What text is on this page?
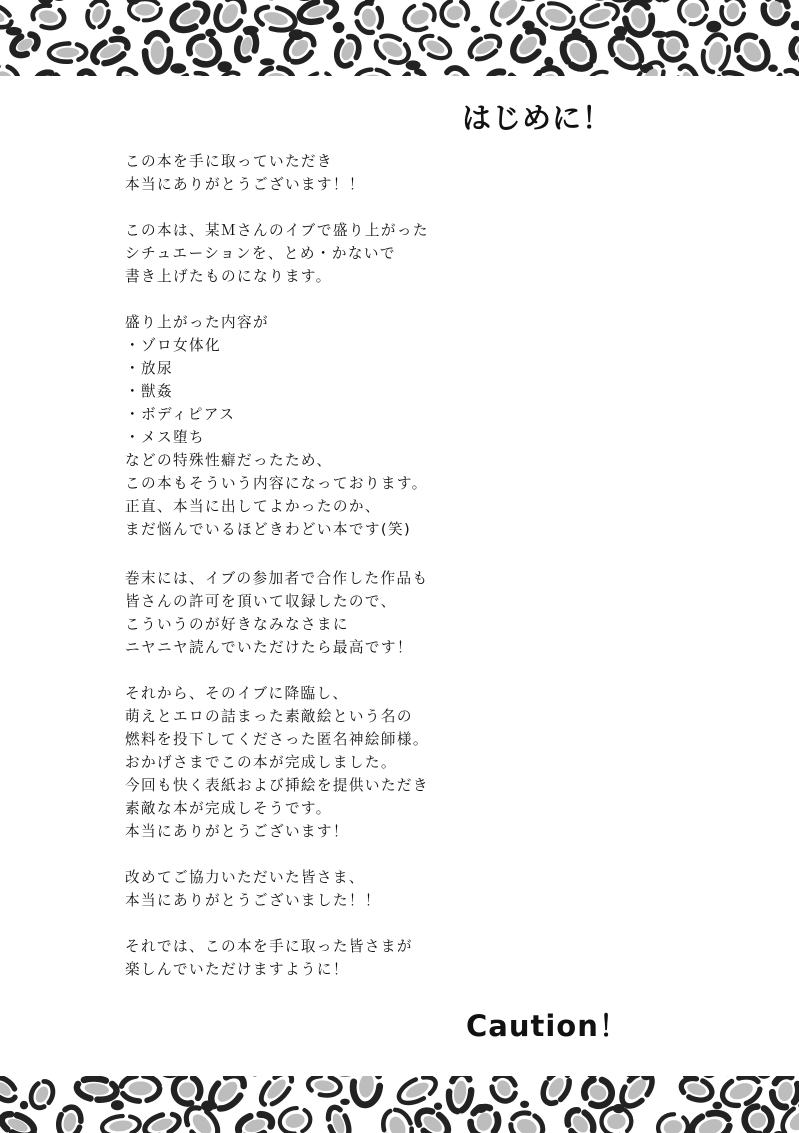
はじめに！
この本を手に取っていただき
本当にありがとうございます！！
この本は、某Ｍさんのイブで盛り上がった
シチュエーションを、とめ・かないで
書き上げたものになります。
盛り上がった内容が
・ゾロ女体化
・放尿
・獣姦
・ボディピアス
・メス堕ち
などの特殊性癖だったため、
この本もそういう内容になっております。
正直、本当に出してよかったのか、
まだ悩んでいるほどきわどい本です(笑)
巻末には、イブの参加者で合作した作品も
皆さんの許可を頂いて収録したので、
こういうのが好きなみなさまに
ニヤニヤ読んでいただけたら最高です！
それから、そのイブに降臨し、
萌えとエロの詰まった素敵絵という名の
燃料を投下してくださった匿名神絵師様。
おかげさまでこの本が完成しました。
今回も快く表紙および挿絵を提供いただき
素敵な本が完成しそうです。
本当にありがとうございます！
改めてご協力いただいた皆さま、
本当にありがとうございました！！
それでは、この本を手に取った皆さまが
楽しんでいただけますように！
Caution！
